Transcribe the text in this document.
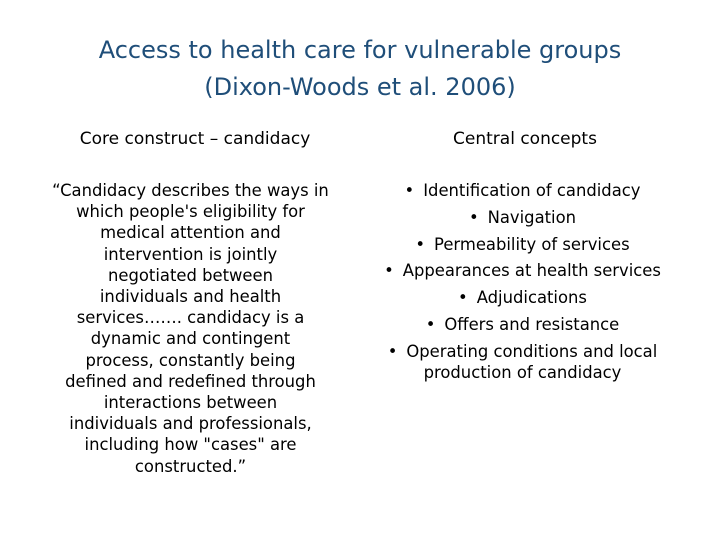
Access to health care for vulnerable groups
(Dixon-Woods et al. 2006)
Core construct – candidacy	Central concepts
“Candidacy describes the ways in
which people's eligibility for
medical attention and
intervention is jointly
negotiated between
individuals and health
services……. candidacy is a
dynamic and contingent
process, constantly being
defined and redefined through
interactions between
individuals and professionals,
including how "cases" are
constructed.”
• Identification of candidacy
• Navigation
• Permeability of services
• Appearances at health services
• Adjudications
• Offers and resistance
• Operating conditions and local production of candidacy
